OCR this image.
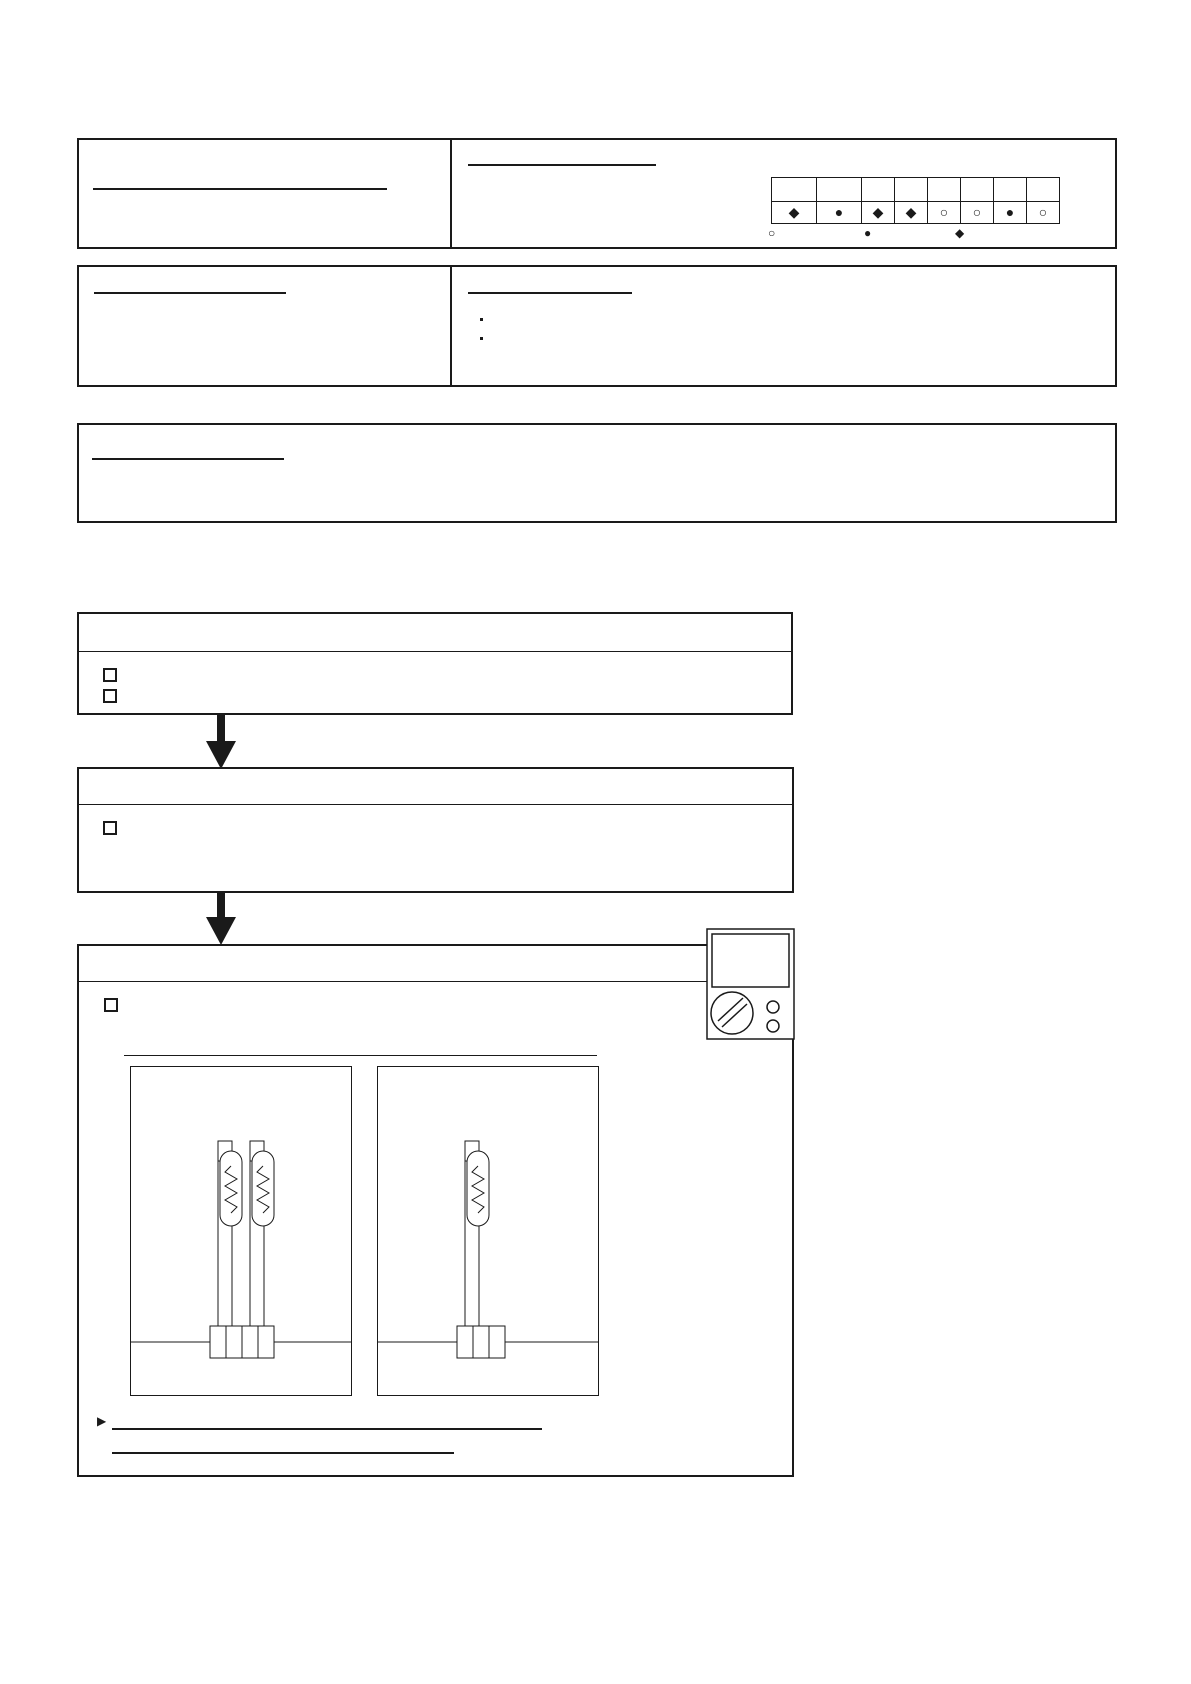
◆	●	◆	◆	○	○	●	○
○	●	◆
▶
